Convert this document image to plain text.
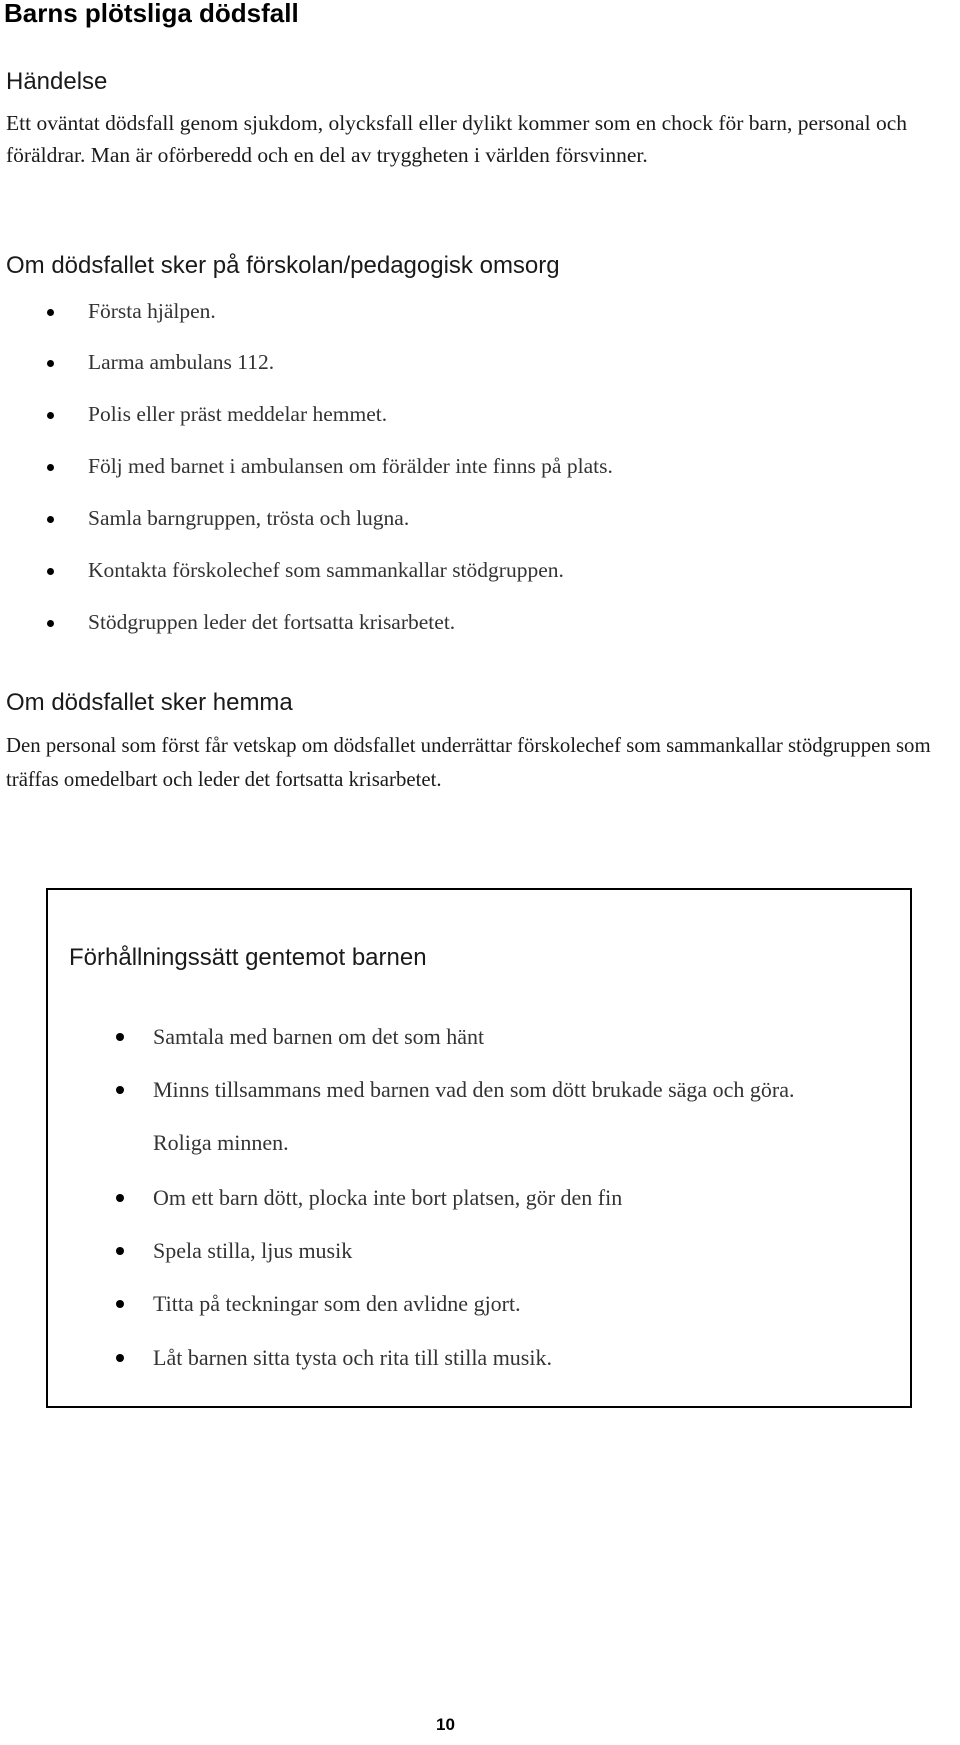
Barns plötsliga dödsfall
Händelse

Ett oväntat dödsfall genom sjukdom, olycksfall eller dylikt kommer som en chock för barn, personal och föräldrar. Man är oförberedd och en del av tryggheten i världen försvinner.

Om dödsfallet sker på förskolan/pedagogisk omsorg
Första hjälpen.
Larma ambulans 112.
Polis eller präst meddelar hemmet.
Följ med barnet i ambulansen om förälder inte finns på plats.
Samla barngruppen, trösta och lugna.
Kontakta förskolechef som sammankallar stödgruppen.
Stödgruppen leder det fortsatta krisarbetet.
Om dödsfallet sker hemma

Den personal som först får vetskap om dödsfallet underrättar förskolechef som sammankallar stödgruppen som träffas omedelbart och leder det fortsatta krisarbetet.

Förhållningssätt gentemot barnen
Samtala med barnen om det som hänt
Minns tillsammans med barnen vad den som dött brukade säga och göra. Roliga minnen.
Om ett barn dött, plocka inte bort platsen, gör den fin
Spela stilla, ljus musik
Titta på teckningar som den avlidne gjort.
Låt barnen sitta tysta och rita till stilla musik.
10
